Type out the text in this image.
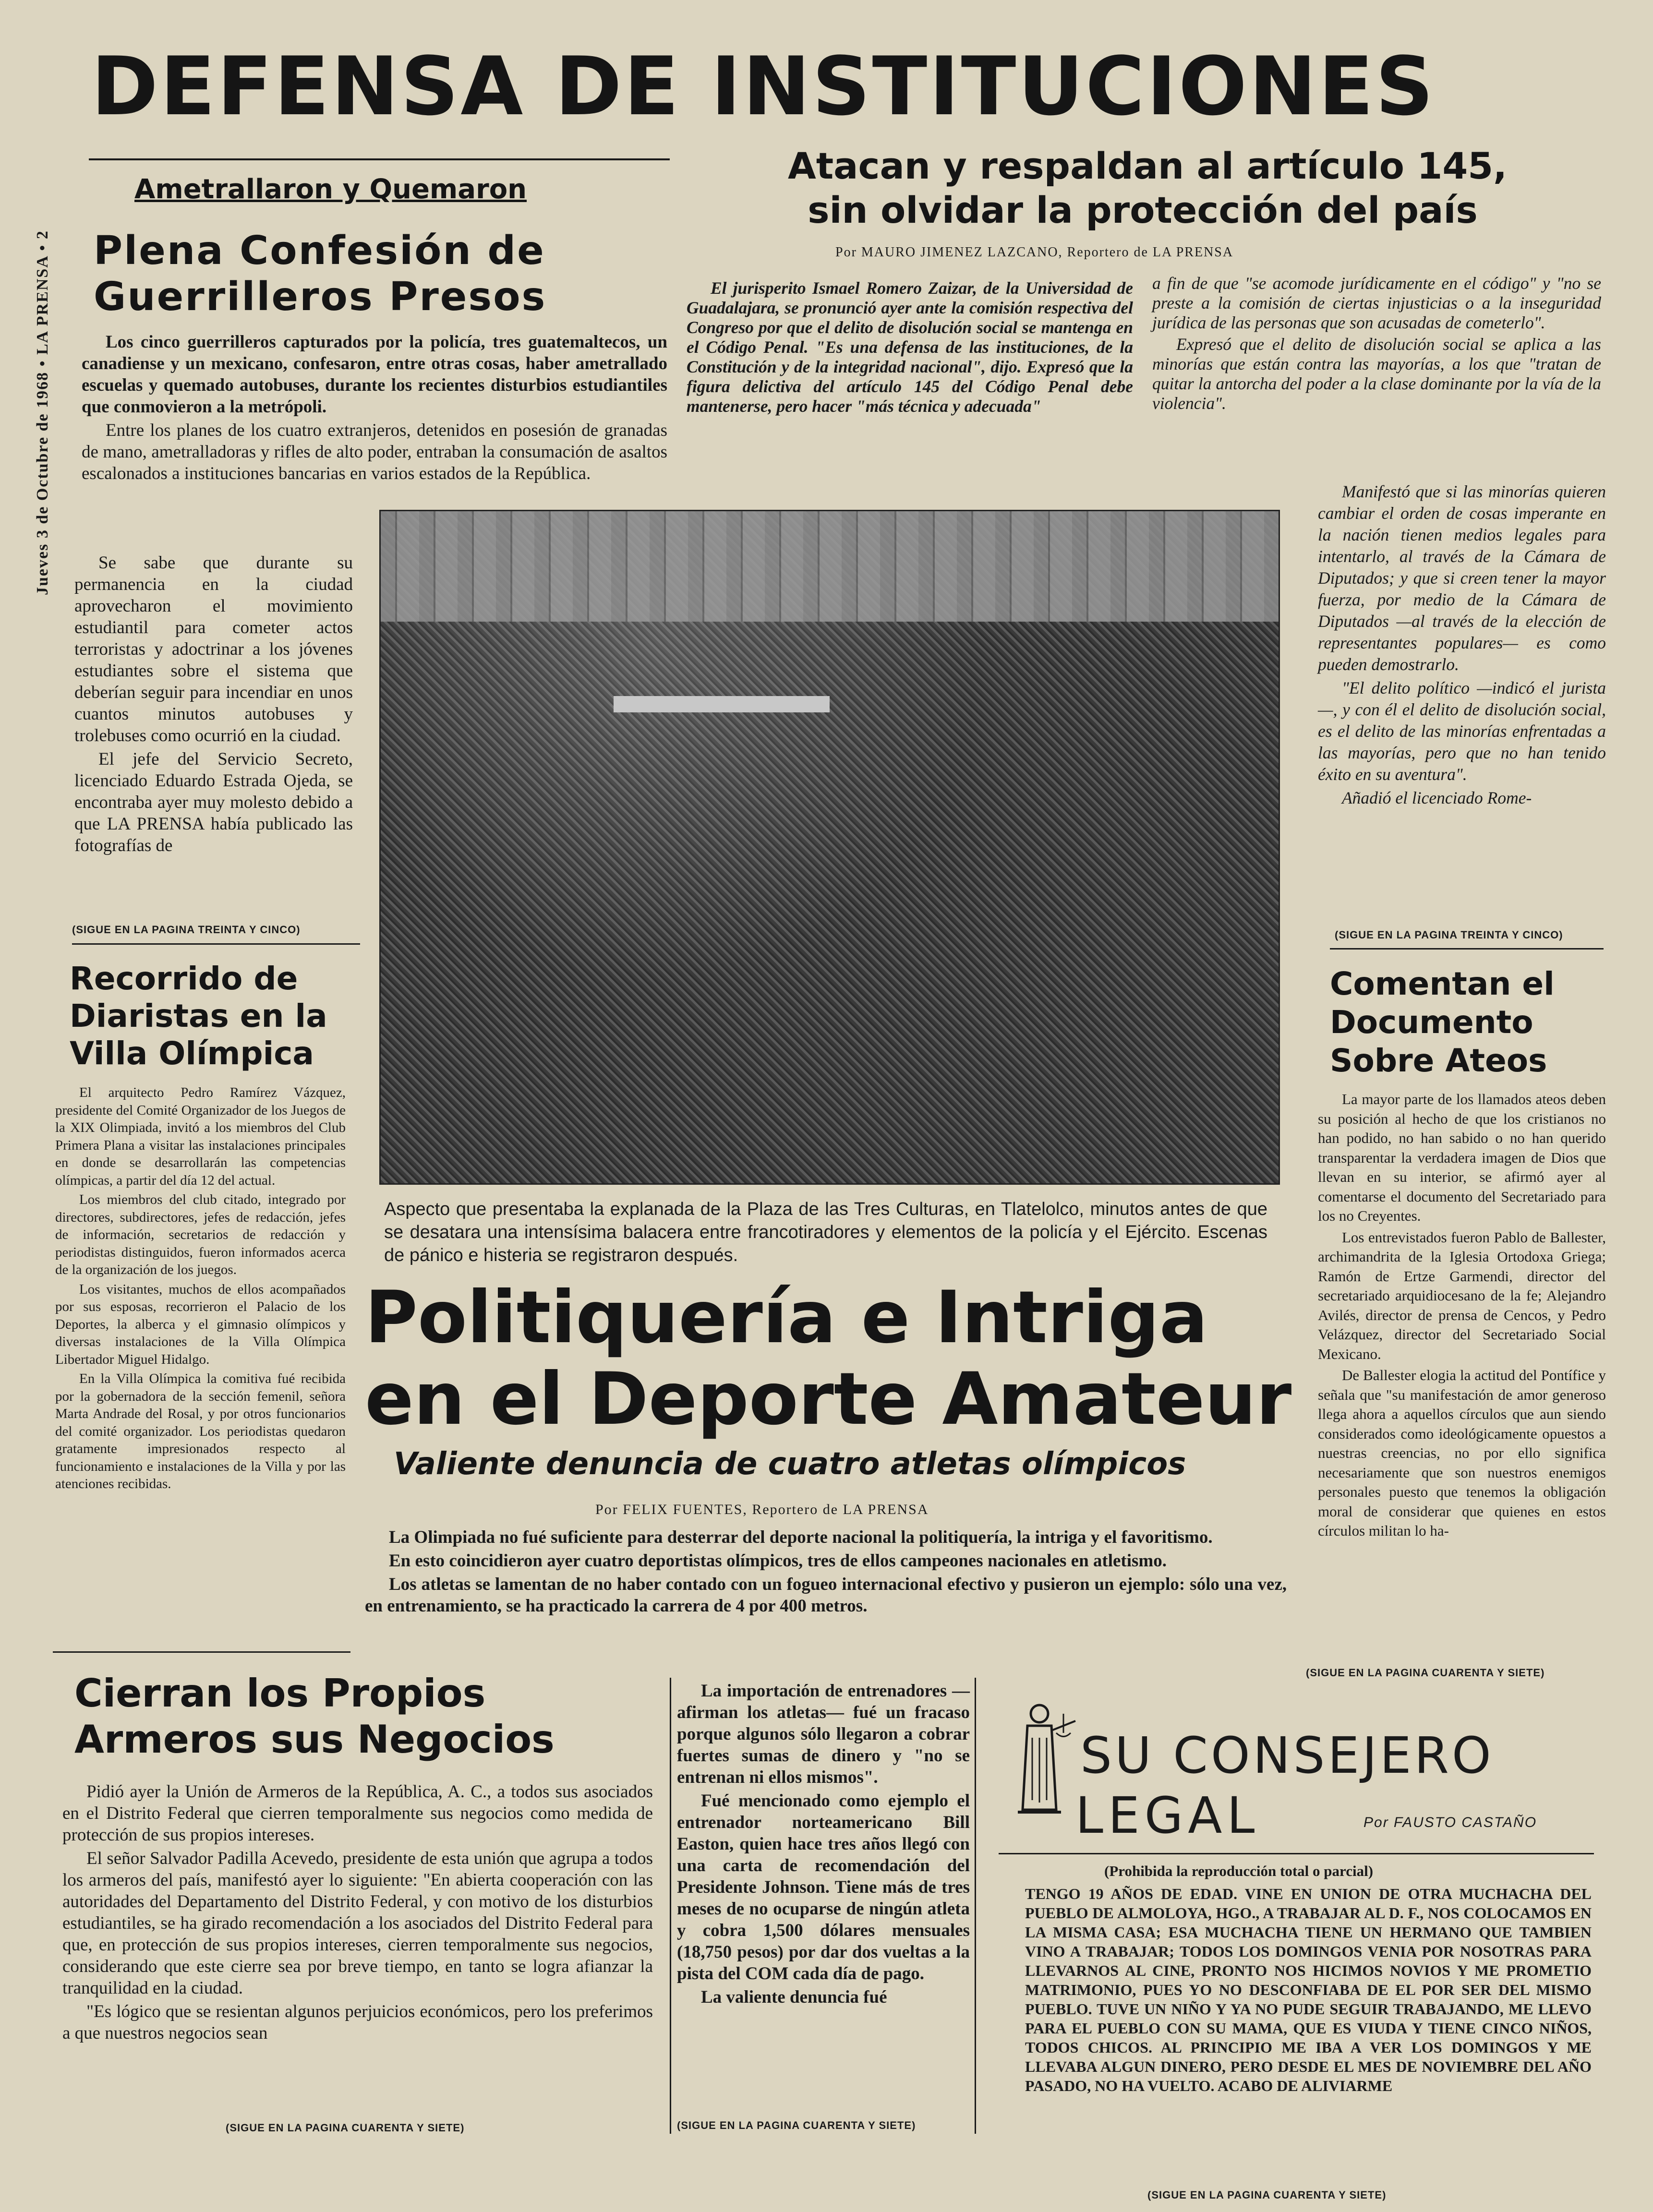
Jueves 3 de Octubre de 1968 • LA PRENSA • 2
DEFENSA DE INSTITUCIONES
Ametrallaron y Quemaron
Plena Confesión de Guerrilleros Presos

Los cinco guerrilleros capturados por la policía, tres guatemaltecos, un canadiense y un mexicano, confesaron, entre otras cosas, haber ametrallado escuelas y quemado autobuses, durante los recientes disturbios estudiantiles que conmovieron a la metrópoli.

Entre los planes de los cuatro extranjeros, detenidos en posesión de granadas de mano, ametralladoras y rifles de alto poder, entraban la consumación de asaltos escalonados a instituciones bancarias en varios estados de la República.

Se sabe que durante su permanencia en la ciudad aprovecharon el movimiento estudiantil para cometer actos terroristas y adoctrinar a los jóvenes estudiantes sobre el sistema que deberían seguir para incendiar en unos cuantos minutos autobuses y trolebuses como ocurrió en la ciudad.

El jefe del Servicio Secreto, licenciado Eduardo Estrada Ojeda, se encontraba ayer muy molesto debido a que LA PRENSA había publicado las fotografías de

(SIGUE EN LA PAGINA TREINTA Y CINCO)
Recorrido de Diaristas en la Villa Olímpica

El arquitecto Pedro Ramírez Vázquez, presidente del Comité Organizador de los Juegos de la XIX Olimpiada, invitó a los miembros del Club Primera Plana a visitar las instalaciones principales en donde se desarrollarán las competencias olímpicas, a partir del día 12 del actual.

Los miembros del club citado, integrado por directores, subdirectores, jefes de redacción, jefes de información, secretarios de redacción y periodistas distinguidos, fueron informados acerca de la organización de los juegos.

Los visitantes, muchos de ellos acompañados por sus esposas, recorrieron el Palacio de los Deportes, la alberca y el gimnasio olímpicos y diversas instalaciones de la Villa Olímpica Libertador Miguel Hidalgo.

En la Villa Olímpica la comitiva fué recibida por la gobernadora de la sección femenil, señora Marta Andrade del Rosal, y por otros funcionarios del comité organizador. Los periodistas quedaron gratamente impresionados respecto al funcionamiento e instalaciones de la Villa y por las atenciones recibidas.

Atacan y respaldan al artículo 145,
sin olvidar la protección del país
Por MAURO JIMENEZ LAZCANO, Reportero de LA PRENSA

El jurisperito Ismael Romero Zaizar, de la Universidad de Guadalajara, se pronunció ayer ante la comisión respectiva del Congreso por que el delito de disolución social se mantenga en el Código Penal. "Es una defensa de las instituciones, de la Constitución y de la integridad nacional", dijo. Expresó que la figura delictiva del artículo 145 del Código Penal debe mantenerse, pero hacer "más técnica y adecuada"

a fin de que "se acomode jurídicamente en el código" y "no se preste a la comisión de ciertas injusticias o a la inseguridad jurídica de las personas que son acusadas de cometerlo".

Expresó que el delito de disolución social se aplica a las minorías que están contra las mayorías, a los que "tratan de quitar la antorcha del poder a la clase dominante por la vía de la violencia".

Manifestó que si las minorías quieren cambiar el orden de cosas imperante en la nación tienen medios legales para intentarlo, al través de la Cámara de Diputados; y que si creen tener la mayor fuerza, por medio de la Cámara de Diputados —al través de la elección de representantes populares— es como pueden demostrarlo.

"El delito político —indicó el jurista—, y con él el delito de disolución social, es el delito de las minorías enfrentadas a las mayorías, pero que no han tenido éxito en su aventura".

Añadió el licenciado Rome-

(SIGUE EN LA PAGINA TREINTA Y CINCO)
Aspecto que presentaba la explanada de la Plaza de las Tres Culturas, en Tlatelolco, minutos antes de que se desatara una intensísima balacera entre francotiradores y elementos de la policía y el Ejército. Escenas de pánico e histeria se registraron después.
Comentan el Documento Sobre Ateos

La mayor parte de los llamados ateos deben su posición al hecho de que los cristianos no han podido, no han sabido o no han querido transparentar la verdadera imagen de Dios que llevan en su interior, se afirmó ayer al comentarse el documento del Secretariado para los no Creyentes.

Los entrevistados fueron Pablo de Ballester, archimandrita de la Iglesia Ortodoxa Griega; Ramón de Ertze Garmendi, director del secretariado arquidiocesano de la fe; Alejandro Avilés, director de prensa de Cencos, y Pedro Velázquez, director del Secretariado Social Mexicano.

De Ballester elogia la actitud del Pontífice y señala que "su manifestación de amor generoso llega ahora a aquellos círculos que aun siendo considerados como ideológicamente opuestos a nuestras creencias, no por ello significa necesariamente que son nuestros enemigos personales puesto que tenemos la obligación moral de considerar que quienes en estos círculos militan lo ha-

(SIGUE EN LA PAGINA CUARENTA Y SIETE)
Politiquería e Intriga
en el Deporte Amateur
Valiente denuncia de cuatro atletas olímpicos
Por FELIX FUENTES, Reportero de LA PRENSA

La Olimpiada no fué suficiente para desterrar del deporte nacional la politiquería, la intriga y el favoritismo.

En esto coincidieron ayer cuatro deportistas olímpicos, tres de ellos campeones nacionales en atletismo.

Los atletas se lamentan de no haber contado con un fogueo internacional efectivo y pusieron un ejemplo: sólo una vez, en entrenamiento, se ha practicado la carrera de 4 por 400 metros.

La importación de entrenadores —afirman los atletas— fué un fracaso porque algunos sólo llegaron a cobrar fuertes sumas de dinero y "no se entrenan ni ellos mismos".

Fué mencionado como ejemplo el entrenador norteamericano Bill Easton, quien hace tres años llegó con una carta de recomendación del Presidente Johnson. Tiene más de tres meses de no ocuparse de ningún atleta y cobra 1,500 dólares mensuales (18,750 pesos) por dar dos vueltas a la pista del COM cada día de pago.

La valiente denuncia fué

(SIGUE EN LA PAGINA CUARENTA Y SIETE)
Cierran los Propios Armeros sus Negocios

Pidió ayer la Unión de Armeros de la República, A. C., a todos sus asociados en el Distrito Federal que cierren temporalmente sus negocios como medida de protección de sus propios intereses.

El señor Salvador Padilla Acevedo, presidente de esta unión que agrupa a todos los armeros del país, manifestó ayer lo siguiente: "En abierta cooperación con las autoridades del Departamento del Distrito Federal, y con motivo de los disturbios estudiantiles, se ha girado recomendación a los asociados del Distrito Federal para que, en protección de sus propios intereses, cierren temporalmente sus negocios, considerando que este cierre sea por breve tiempo, en tanto se logra afianzar la tranquilidad en la ciudad.

"Es lógico que se resientan algunos perjuicios económicos, pero los preferimos a que nuestros negocios sean

(SIGUE EN LA PAGINA CUARENTA Y SIETE)
SU CONSEJERO
LEGAL	Por FAUSTO CASTAÑO
(Prohibida la reproducción total o parcial)
TENGO 19 AÑOS DE EDAD. VINE EN UNION DE OTRA MUCHACHA DEL PUEBLO DE ALMOLOYA, HGO., A TRABAJAR AL D. F., NOS COLOCAMOS EN LA MISMA CASA; ESA MUCHACHA TIENE UN HERMANO QUE TAMBIEN VINO A TRABAJAR; TODOS LOS DOMINGOS VENIA POR NOSOTRAS PARA LLEVARNOS AL CINE, PRONTO NOS HICIMOS NOVIOS Y ME PROMETIO MATRIMONIO, PUES YO NO DESCONFIABA DE EL POR SER DEL MISMO PUEBLO. TUVE UN NIÑO Y YA NO PUDE SEGUIR TRABAJANDO, ME LLEVO PARA EL PUEBLO CON SU MAMA, QUE ES VIUDA Y TIENE CINCO NIÑOS, TODOS CHICOS. AL PRINCIPIO ME IBA A VER LOS DOMINGOS Y ME LLEVABA ALGUN DINERO, PERO DESDE EL MES DE NOVIEMBRE DEL AÑO PASADO, NO HA VUELTO. ACABO DE ALIVIARME
(SIGUE EN LA PAGINA CUARENTA Y SIETE)
